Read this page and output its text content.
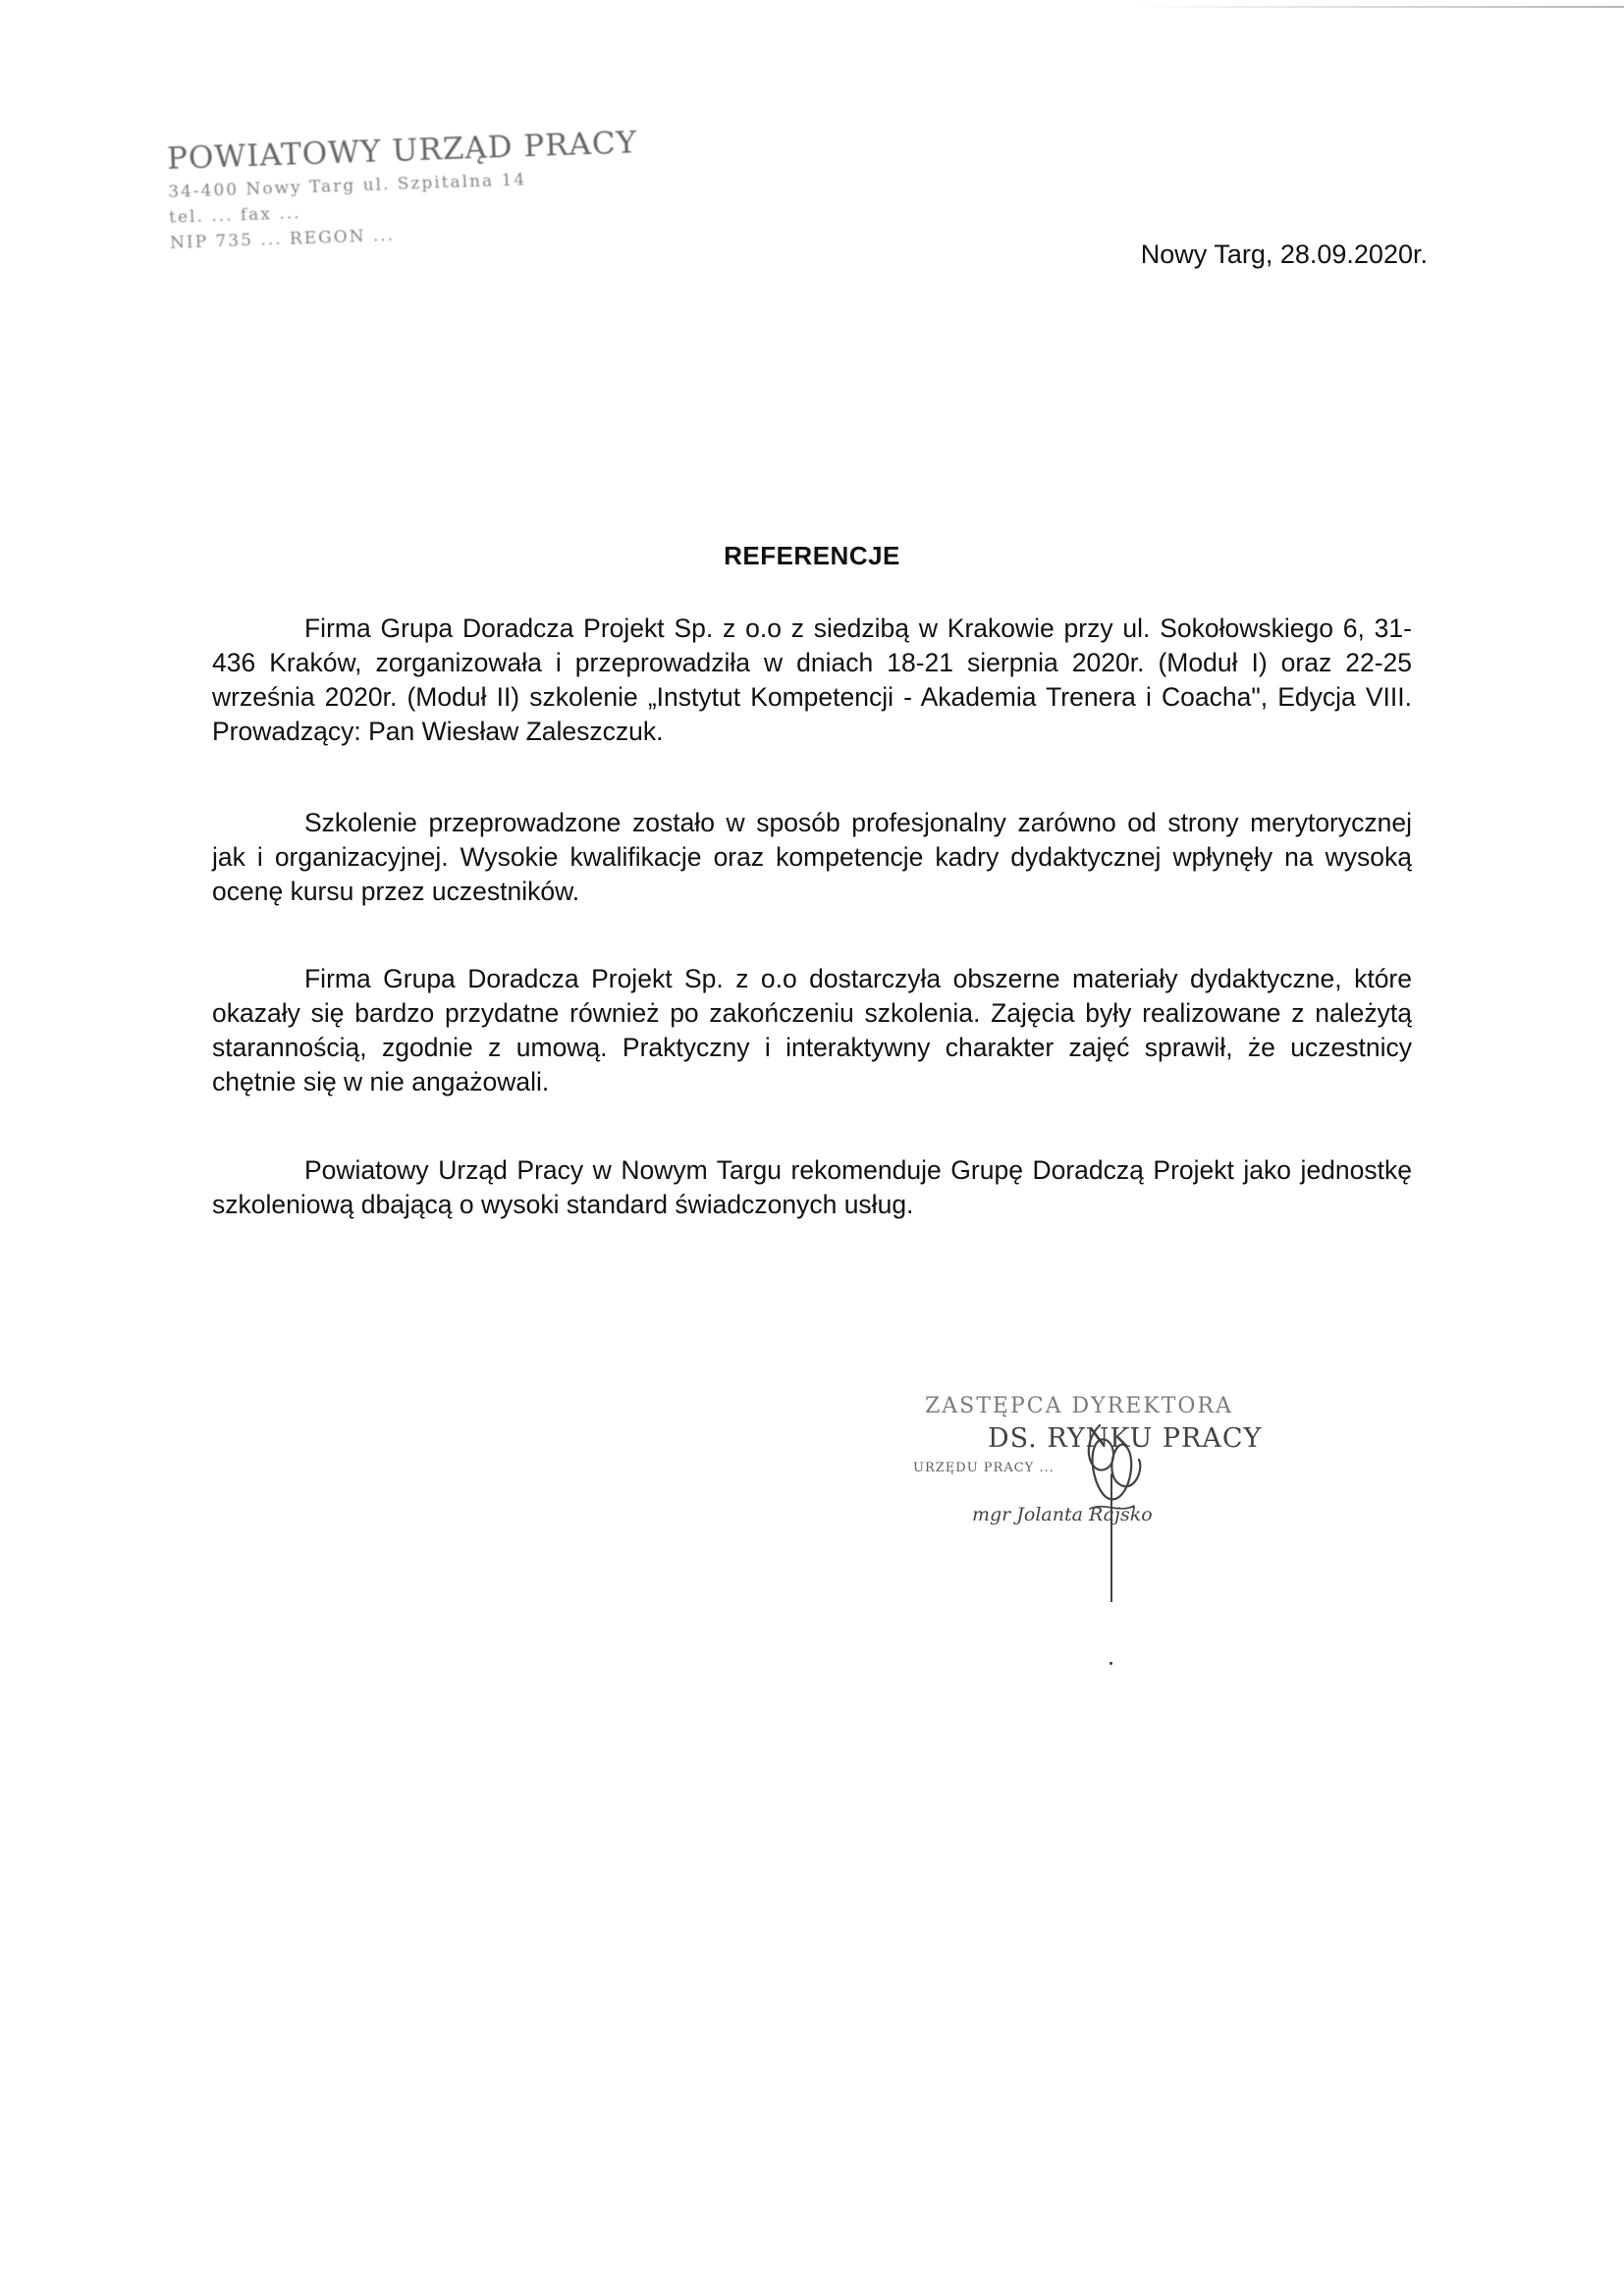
POWIATOWY URZĄD PRACY
34-400 Nowy Targ ul. Szpitalna 14
tel. ... fax ...
NIP 735 ... REGON ...
Nowy Targ, 28.09.2020r.
REFERENCJE

Firma Grupa Doradcza Projekt Sp. z o.o z siedzibą w Krakowie przy ul. Sokołowskiego 6, 31-436 Kraków, zorganizowała i przeprowadziła w dniach 18-21 sierpnia 2020r. (Moduł I) oraz 22-25 września 2020r. (Moduł II) szkolenie „Instytut Kompetencji - Akademia Trenera i Coacha", Edycja VIII. Prowadzący: Pan Wiesław Zaleszczuk.

Szkolenie przeprowadzone zostało w sposób profesjonalny zarówno od strony merytorycznej jak i organizacyjnej. Wysokie kwalifikacje oraz kompetencje kadry dydaktycznej wpłynęły na wysoką ocenę kursu przez uczestników.

Firma Grupa Doradcza Projekt Sp. z o.o dostarczyła obszerne materiały dydaktyczne, które okazały się bardzo przydatne również po zakończeniu szkolenia. Zajęcia były realizowane z należytą starannością, zgodnie z umową. Praktyczny i interaktywny charakter zajęć sprawił, że uczestnicy chętnie się w nie angażowali.

Powiatowy Urząd Pracy w Nowym Targu rekomenduje Grupę Doradczą Projekt jako jednostkę szkoleniową dbającą o wysoki standard świadczonych usług.

ZASTĘPCA DYREKTORA
DS. RYNKU PRACY
URZĘDU PRACY ...
mgr Jolanta Rajsko
